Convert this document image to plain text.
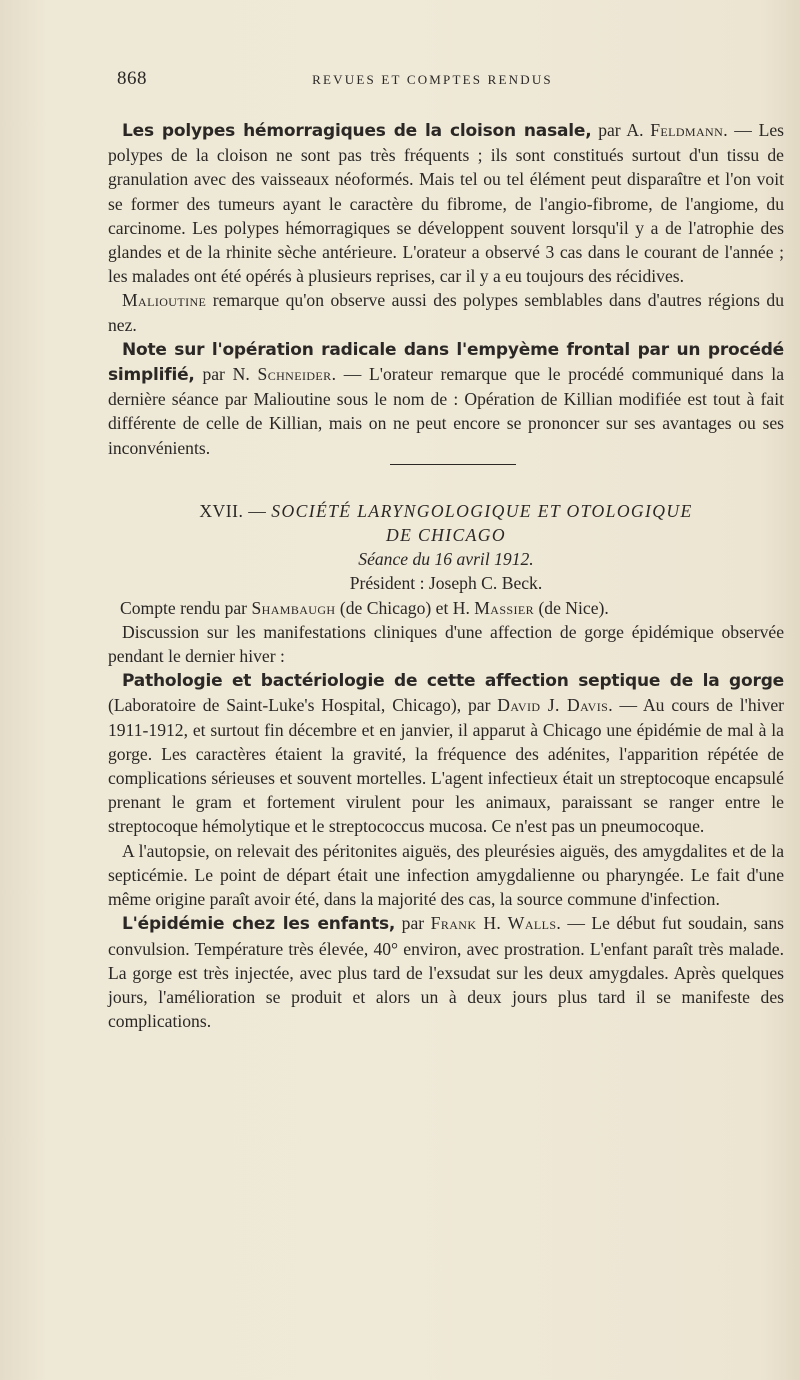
868	REVUES ET COMPTES RENDUS

Les polypes hémorragiques de la cloison nasale, par A. Feldmann. — Les polypes de la cloison ne sont pas très fréquents ; ils sont constitués surtout d'un tissu de granulation avec des vaisseaux néoformés. Mais tel ou tel élément peut disparaître et l'on voit se former des tumeurs ayant le caractère du fibrome, de l'angio-fibrome, de l'angiome, du carcinome. Les polypes hémorragiques se développent souvent lorsqu'il y a de l'atrophie des glandes et de la rhinite sèche antérieure. L'orateur a observé 3 cas dans le courant de l'année ; les malades ont été opérés à plusieurs reprises, car il y a eu toujours des récidives.

Malioutine remarque qu'on observe aussi des polypes semblables dans d'autres régions du nez.

Note sur l'opération radicale dans l'empyème frontal par un procédé simplifié, par N. Schneider. — L'orateur remarque que le procédé communiqué dans la dernière séance par Malioutine sous le nom de : Opération de Killian modifiée est tout à fait différente de celle de Killian, mais on ne peut encore se prononcer sur ses avantages ou ses inconvénients.

XVII. — SOCIÉTÉ LARYNGOLOGIQUE ET OTOLOGIQUE
DE CHICAGO
Séance du 16 avril 1912.
Président : Joseph C. Beck.

Compte rendu par Shambaugh (de Chicago) et H. Massier (de Nice).

Discussion sur les manifestations cliniques d'une affection de gorge épidémique observée pendant le dernier hiver :

Pathologie et bactériologie de cette affection septique de la gorge (Laboratoire de Saint-Luke's Hospital, Chicago), par David J. Davis. — Au cours de l'hiver 1911-1912, et surtout fin décembre et en janvier, il apparut à Chicago une épidémie de mal à la gorge. Les caractères étaient la gravité, la fréquence des adénites, l'apparition répétée de complications sérieuses et souvent mortelles. L'agent infectieux était un streptocoque encapsulé prenant le gram et fortement virulent pour les animaux, paraissant se ranger entre le streptocoque hémolytique et le streptococcus mucosa. Ce n'est pas un pneumocoque.

A l'autopsie, on relevait des péritonites aiguës, des pleurésies aiguës, des amygdalites et de la septicémie. Le point de départ était une infection amygdalienne ou pharyngée. Le fait d'une même origine paraît avoir été, dans la majorité des cas, la source commune d'infection.

L'épidémie chez les enfants, par Frank H. Walls. — Le début fut soudain, sans convulsion. Température très élevée, 40° environ, avec prostration. L'enfant paraît très malade. La gorge est très injectée, avec plus tard de l'exsudat sur les deux amygdales. Après quelques jours, l'amélioration se produit et alors un à deux jours plus tard il se manifeste des complications.
